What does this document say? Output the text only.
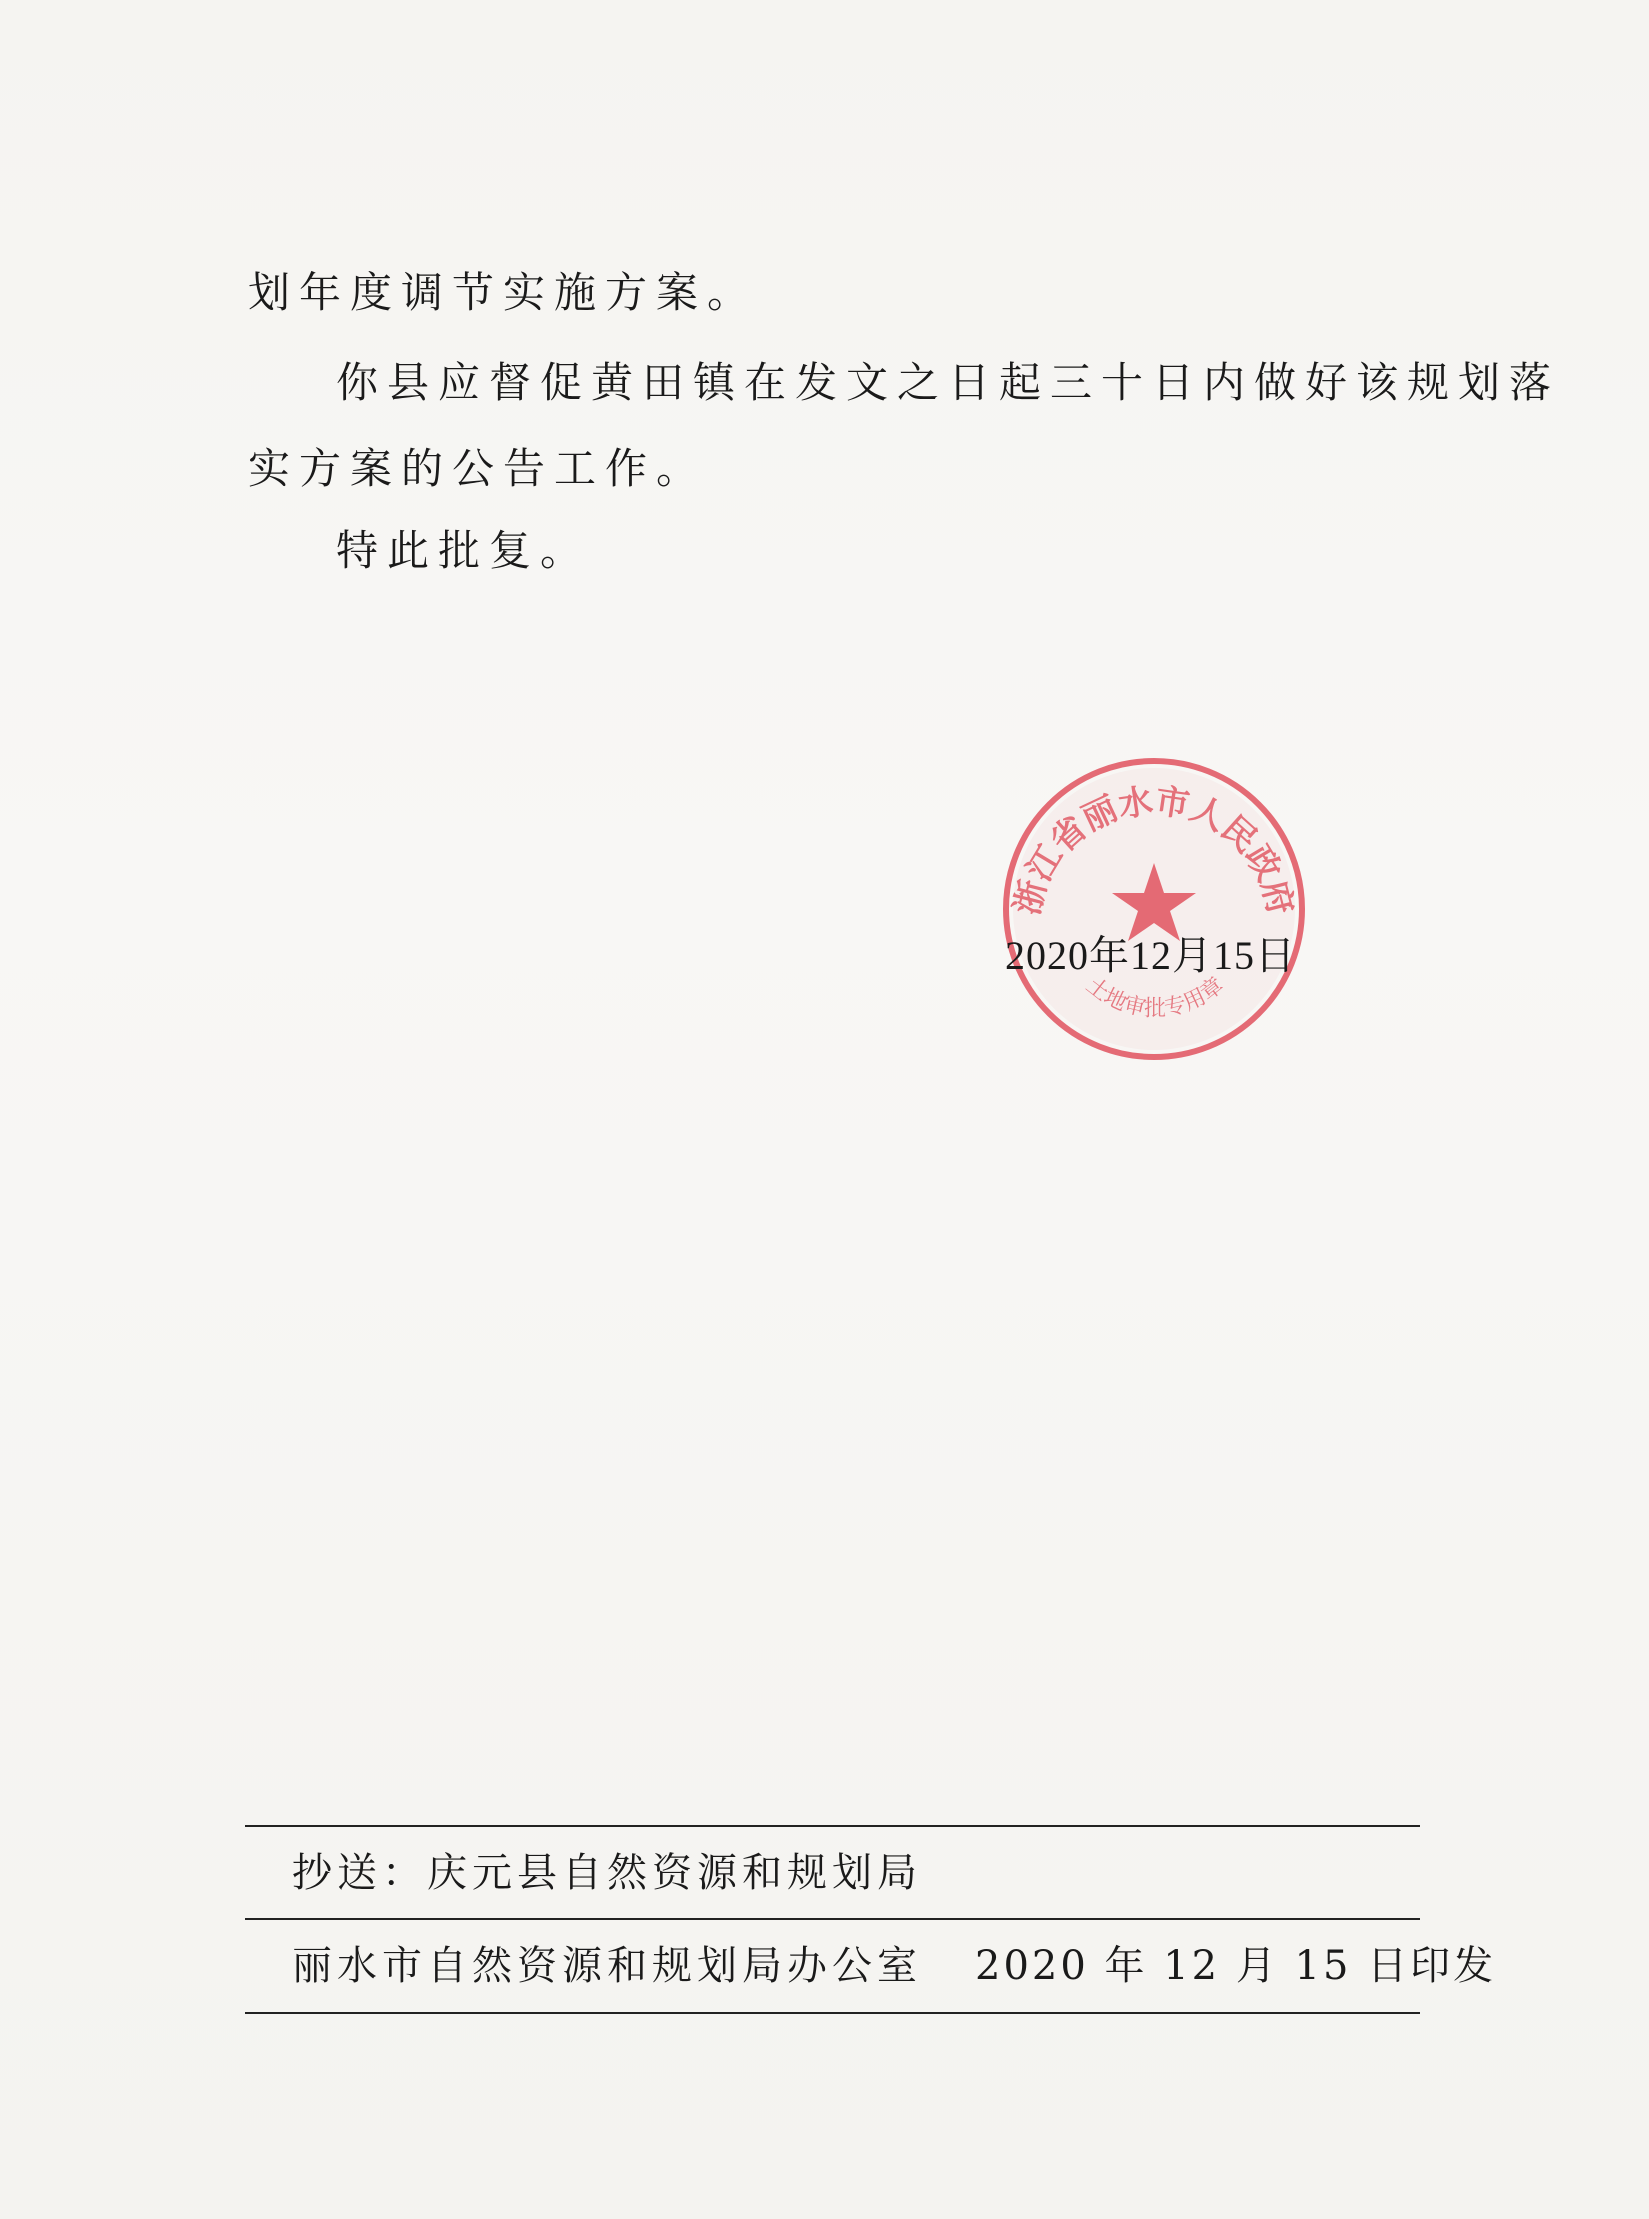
划年度调节实施方案。
你县应督促黄田镇在发文之日起三十日内做好该规划落
实方案的公告工作。
特此批复。
浙江省丽水市人民政府
土地审批专用章
2020年12月15日
抄送：庆元县自然资源和规划局
丽水市自然资源和规划局办公室 2020 年 12 月 15 日印发
